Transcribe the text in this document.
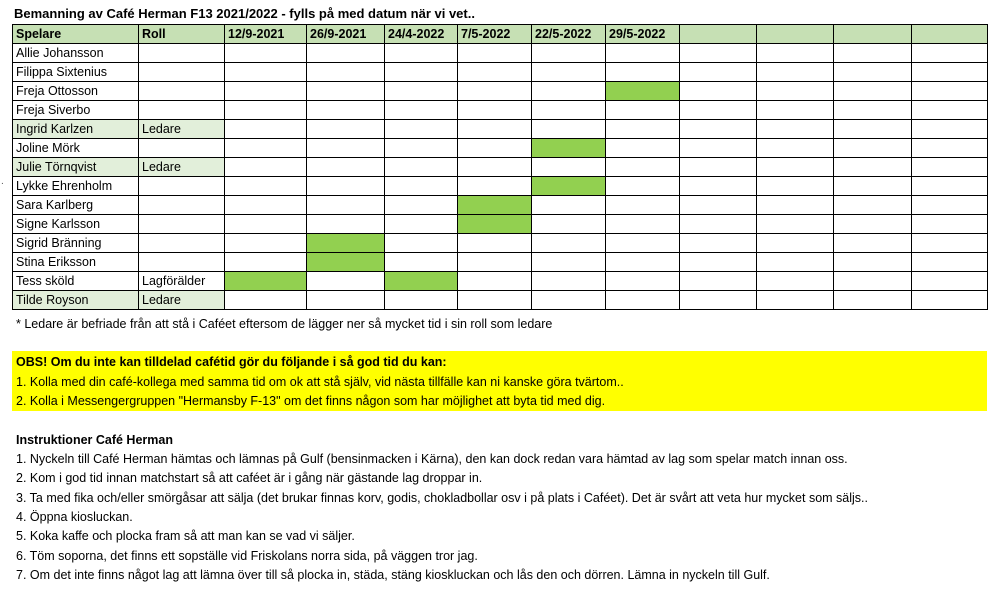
Bemanning av Café Herman F13 2021/2022 - fylls på med datum när vi vet..
.
Spelare	Roll	12/9-2021	26/9-2021	24/4-2022	7/5-2022	22/5-2022	29/5-2022				
Allie Johansson											
Filippa Sixtenius											
Freja Ottosson											
Freja Siverbo											
Ingrid Karlzen	Ledare										
Joline Mörk											
Julie Törnqvist	Ledare										
Lykke Ehrenholm											
Sara Karlberg											
Signe Karlsson											
Sigrid Bränning											
Stina Eriksson											
Tess sköld	Lagförälder										
Tilde Royson	Ledare										
* Ledare är befriade från att stå i Caféet eftersom de lägger ner så mycket tid i sin roll som ledare
OBS! Om du inte kan tilldelad cafétid gör du följande i så god tid du kan:
1. Kolla med din café-kollega med samma tid om ok att stå själv, vid nästa tillfälle kan ni kanske göra tvärtom..
2. Kolla i Messengergruppen "Hermansby F-13" om det finns någon som har möjlighet att byta tid med dig.
Instruktioner Café Herman
1. Nyckeln till Café Herman hämtas och lämnas på Gulf (bensinmacken i Kärna), den kan dock redan vara hämtad av lag som spelar match innan oss.
2. Kom i god tid innan matchstart så att caféet är i gång när gästande lag droppar in.
3. Ta med fika och/eller smörgåsar att sälja (det brukar finnas korv, godis, chokladbollar osv i på plats i Caféet). Det är svårt att veta hur mycket som säljs..
4. Öppna kiosluckan.
5. Koka kaffe och plocka fram så att man kan se vad vi säljer.
6. Töm soporna, det finns ett sopställe vid Friskolans norra sida, på väggen tror jag.
7. Om det inte finns något lag att lämna över till så plocka in, städa, stäng kioskluckan och lås den och dörren. Lämna in nyckeln till Gulf.
